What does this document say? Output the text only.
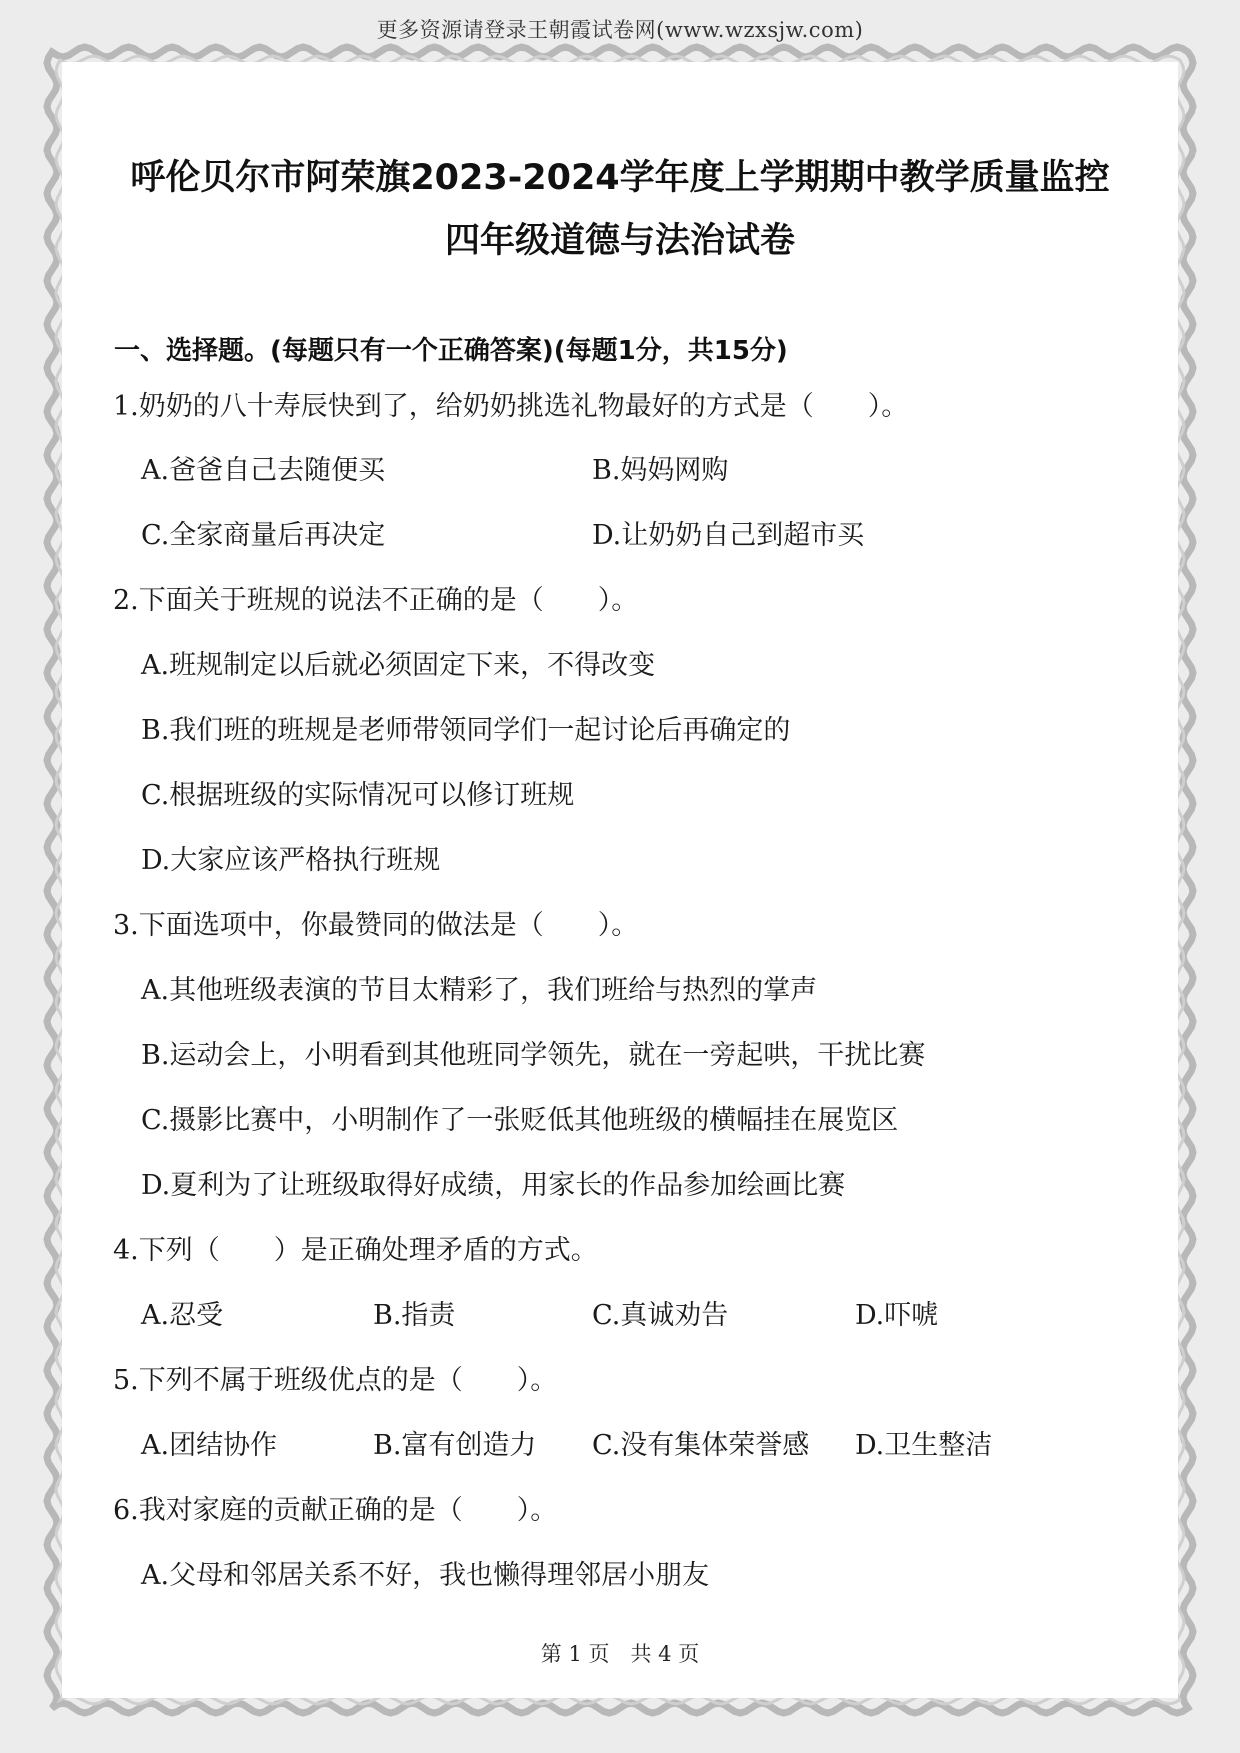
更多资源请登录王朝霞试卷网(www.wzxsjw.com)
呼伦贝尔市阿荣旗2023-2024学年度上学期期中教学质量监控
四年级道德与法治试卷
一、选择题。(每题只有一个正确答案)(每题1分，共15分)
1.奶奶的八十寿辰快到了，给奶奶挑选礼物最好的方式是（　　）。
A.爸爸自己去随便买	B.妈妈网购
C.全家商量后再决定	D.让奶奶自己到超市买
2.下面关于班规的说法不正确的是（　　）。
A.班规制定以后就必须固定下来，不得改变
B.我们班的班规是老师带领同学们一起讨论后再确定的
C.根据班级的实际情况可以修订班规
D.大家应该严格执行班规
3.下面选项中，你最赞同的做法是（　　）。
A.其他班级表演的节目太精彩了，我们班给与热烈的掌声
B.运动会上，小明看到其他班同学领先，就在一旁起哄，干扰比赛
C.摄影比赛中，小明制作了一张贬低其他班级的横幅挂在展览区
D.夏利为了让班级取得好成绩，用家长的作品参加绘画比赛
4.下列（　　）是正确处理矛盾的方式。
A.忍受	B.指责	C.真诚劝告	D.吓唬
5.下列不属于班级优点的是（　　）。
A.团结协作	B.富有创造力 C.没有集体荣誉感 D.卫生整洁
6.我对家庭的贡献正确的是（　　）。
A.父母和邻居关系不好，我也懒得理邻居小朋友
第 1 页　共 4 页
